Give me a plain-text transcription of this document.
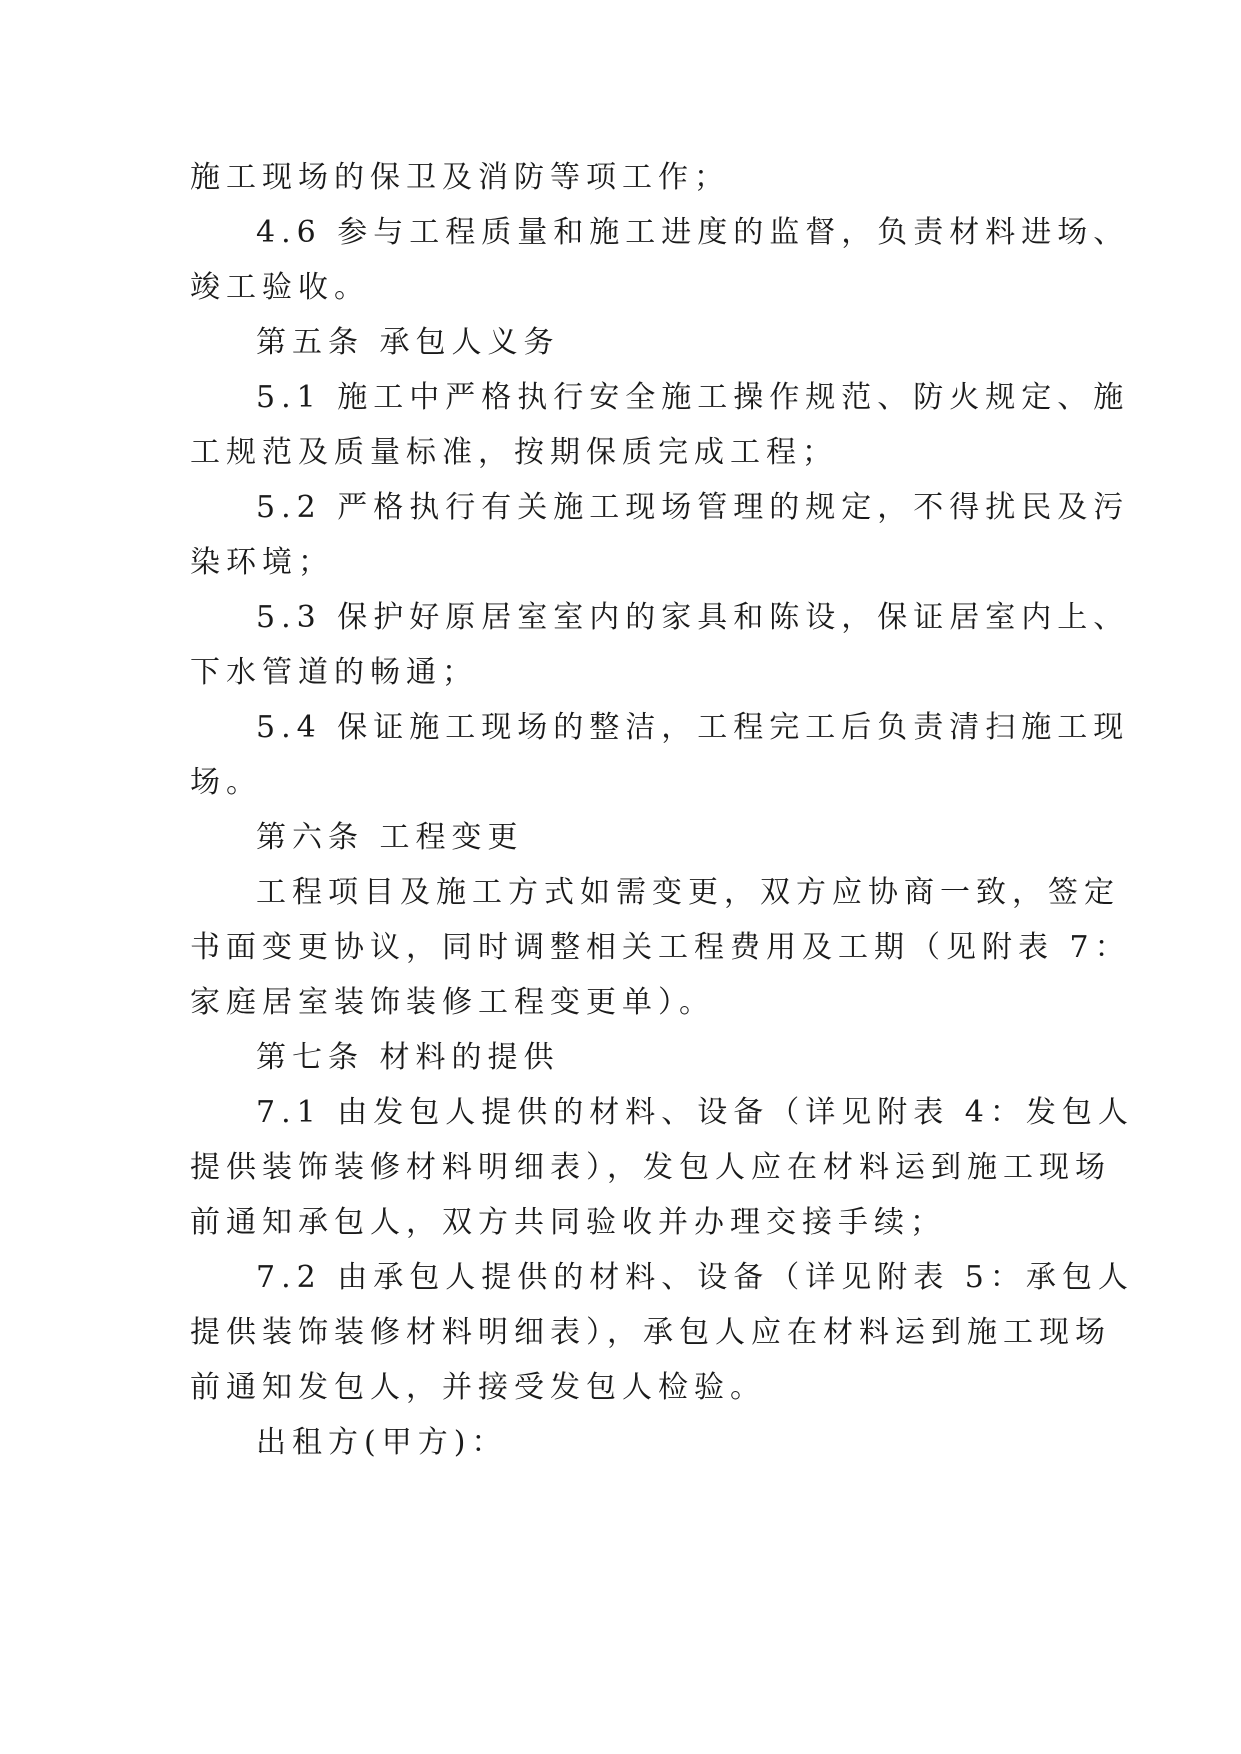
施工现场的保卫及消防等项工作；
4.6 参与工程质量和施工进度的监督，负责材料进场、
竣工验收。
第五条 承包人义务
5.1 施工中严格执行安全施工操作规范、防火规定、施
工规范及质量标准，按期保质完成工程；
5.2 严格执行有关施工现场管理的规定，不得扰民及污
染环境；
5.3 保护好原居室室内的家具和陈设，保证居室内上、
下水管道的畅通；
5.4 保证施工现场的整洁，工程完工后负责清扫施工现
场。
第六条 工程变更
工程项目及施工方式如需变更，双方应协商一致，签定
书面变更协议，同时调整相关工程费用及工期（见附表 7：
家庭居室装饰装修工程变更单）。
第七条 材料的提供
7.1 由发包人提供的材料、设备（详见附表 4：发包人
提供装饰装修材料明细表），发包人应在材料运到施工现场
前通知承包人，双方共同验收并办理交接手续；
7.2 由承包人提供的材料、设备（详见附表 5：承包人
提供装饰装修材料明细表），承包人应在材料运到施工现场
前通知发包人，并接受发包人检验。
出租方(甲方)：
